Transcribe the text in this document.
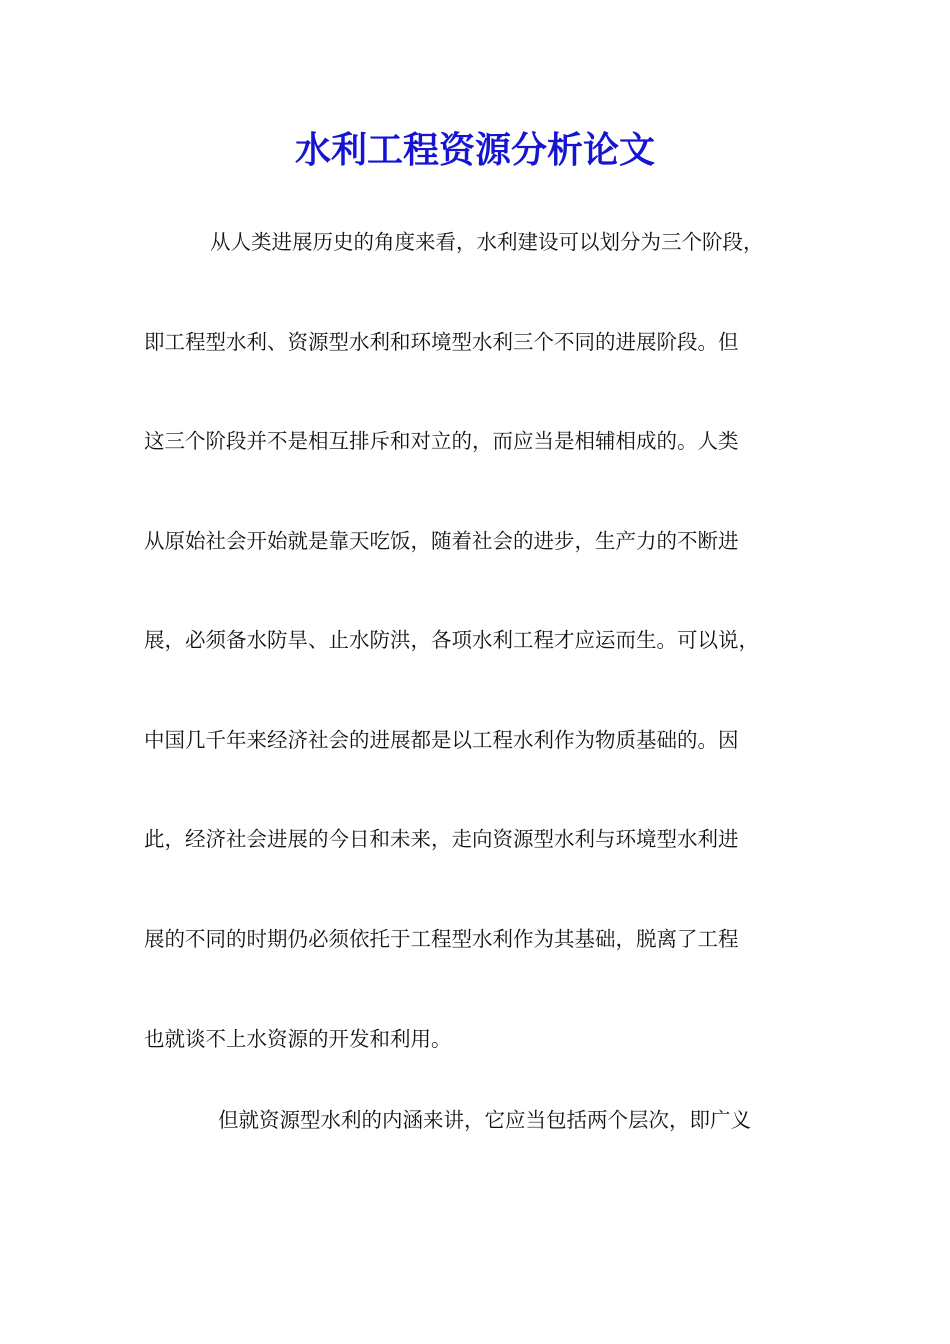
水利工程资源分析论文

从人类进展历史的角度来看，水利建设可以划分为三个阶段，

即工程型水利、资源型水利和环境型水利三个不同的进展阶段。但

这三个阶段并不是相互排斥和对立的，而应当是相辅相成的。人类

从原始社会开始就是靠天吃饭，随着社会的进步，生产力的不断进

展，必须备水防旱、止水防洪，各项水利工程才应运而生。可以说，

中国几千年来经济社会的进展都是以工程水利作为物质基础的。因

此，经济社会进展的今日和未来，走向资源型水利与环境型水利进

展的不同的时期仍必须依托于工程型水利作为其基础，脱离了工程

也就谈不上水资源的开发和利用。

但就资源型水利的内涵来讲，它应当包括两个层次，即广义
